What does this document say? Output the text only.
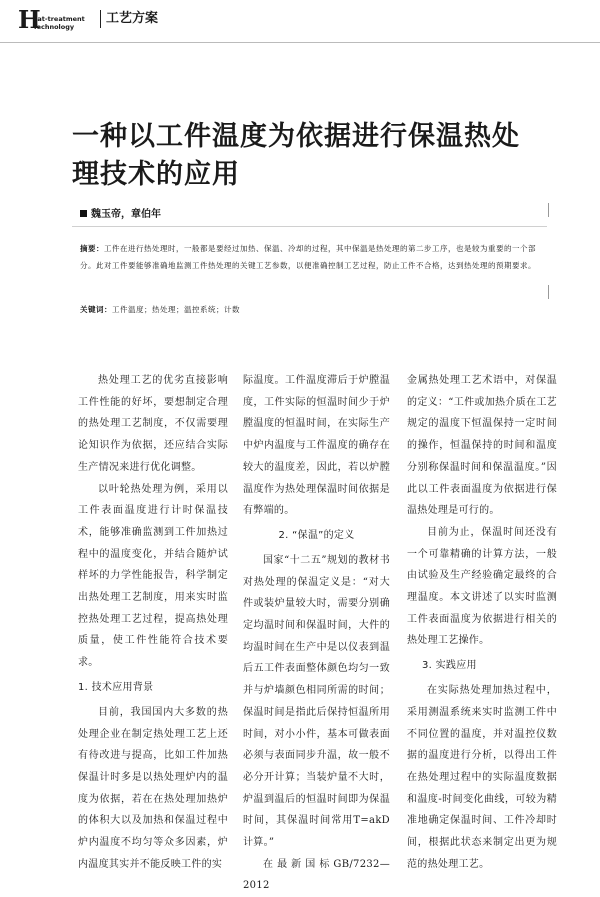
H
eat-treatment
Technology
工艺方案
一种以工件温度为依据进行保温热处理技术的应用
魏玉帝，章伯年
摘要：工件在进行热处理时，一般都是要经过加热、保温、冷却的过程，其中保温是热处理的第二步工序，也是较为重要的一个部分。此对工件要能够准确地监测工件热处理的关键工艺参数，以便准确控制工艺过程，防止工件不合格，达到热处理的预期要求。
关键词：工件温度；热处理；温控系统；计数

热处理工艺的优劣直接影响工件性能的好坏，要想制定合理的热处理工艺制度，不仅需要理论知识作为依据，还应结合实际生产情况来进行优化调整。

以叶轮热处理为例，采用以工件表面温度进行计时保温技术，能够准确监测到工件加热过程中的温度变化，并结合随炉试样坏的力学性能报告，科学制定出热处理工艺制度，用来实时监控热处理工艺过程，提高热处理质量，使工件性能符合技术要求。

1. 技术应用背景

目前，我国国内大多数的热处理企业在制定热处理工艺上还有待改进与提高，比如工件加热保温计时多是以热处理炉内的温度为依据，若在在热处理加热炉的体积大以及加热和保温过程中炉内温度不均匀等众多因素，炉内温度其实并不能反映工件的实

际温度。工件温度滞后于炉膛温度，工件实际的恒温时间少于炉膛温度的恒温时间，在实际生产中炉内温度与工件温度的确存在较大的温度差，因此，若以炉膛温度作为热处理保温时间依据是有弊端的。

2. “保温”的定义

国家“十二五”规划的教材书对热处理的保温定义是：“对大件或装炉量较大时，需要分别确定均温时间和保温时间，大件的均温时间在生产中是以仪表到温后五工件表面整体颜色均匀一致并与炉墙颜色相同所需的时间；保温时间是指此后保持恒温所用时间，对小小件，基本可做表面必须与表面同步升温，故一般不必分开计算；当装炉量不大时，炉温到温后的恒温时间即为保温时间，其保温时间常用T=akD计算。”

在最新国标GB/7232—2012

金属热处理工艺术语中，对保温的定义：“工件或加热介质在工艺规定的温度下恒温保持一定时间的操作，恒温保持的时间和温度分别称保温时间和保温温度。”因此以工件表面温度为依据进行保温热处理是可行的。

目前为止，保温时间还没有一个可靠精确的计算方法，一般由试验及生产经验确定最终的合理温度。本文讲述了以实时监测工件表面温度为依据进行相关的热处理工艺操作。

3. 实践应用

在实际热处理加热过程中，采用测温系统来实时监测工件中不同位置的温度，并对温控仪数据的温度进行分析，以得出工件在热处理过程中的实际温度数据和温度-时间变化曲线，可较为精准地确定保温时间、工件冷却时间，根据此状态来制定出更为规范的热处理工艺。
